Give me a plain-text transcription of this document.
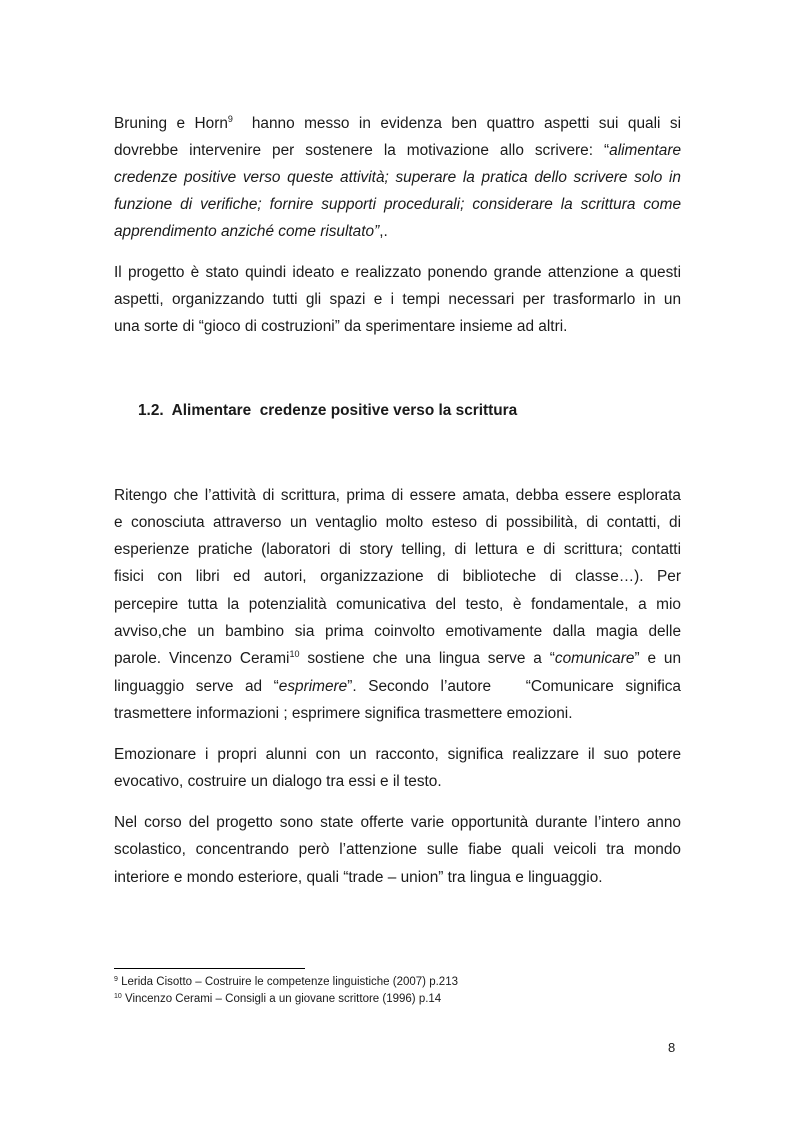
Bruning e Horn$^9$  hanno messo in evidenza ben quattro aspetti sui quali si
dovrebbe intervenire per sostenere la motivazione allo scrivere: “alimentare
credenze positive verso queste attività; superare la pratica dello scrivere solo in
funzione di verifiche; fornire supporti procedurali; considerare la scrittura come
apprendimento anziché come risultato”,.
Il progetto è stato quindi ideato e realizzato ponendo grande attenzione a questi
aspetti, organizzando tutti gli spazi e i tempi necessari per trasformarlo in un
una sorte di “gioco di costruzioni” da sperimentare insieme ad altri.
1.2.  Alimentare  credenze positive verso la scrittura
Ritengo che l’attività di scrittura, prima di essere amata, debba essere esplorata
e conosciuta attraverso un ventaglio molto esteso di possibilità, di contatti, di
esperienze pratiche (laboratori di story telling, di lettura e di scrittura; contatti
fisici con libri ed autori, organizzazione di biblioteche di classe…). Per
percepire tutta la potenzialità comunicativa del testo, è fondamentale, a mio
avviso,che un bambino sia prima coinvolto emotivamente dalla magia delle
parole. Vincenzo Cerami$^{10}$ sostiene che una lingua serve a “comunicare” e un
linguaggio serve ad “esprimere”. Secondo l’autore   “Comunicare significa
trasmettere informazioni ; esprimere significa trasmettere emozioni.
Emozionare i propri alunni con un racconto, significa realizzare il suo potere
evocativo, costruire un dialogo tra essi e il testo.
Nel corso del progetto sono state offerte varie opportunità durante l’intero anno
scolastico, concentrando però l’attenzione sulle fiabe quali veicoli tra mondo
interiore e mondo esteriore, quali “trade – union” tra lingua e linguaggio.
$^9$ Lerida Cisotto – Costruire le competenze linguistiche (2007) p.213
$^{10}$ Vincenzo Cerami – Consigli a un giovane scrittore (1996) p.14
8
